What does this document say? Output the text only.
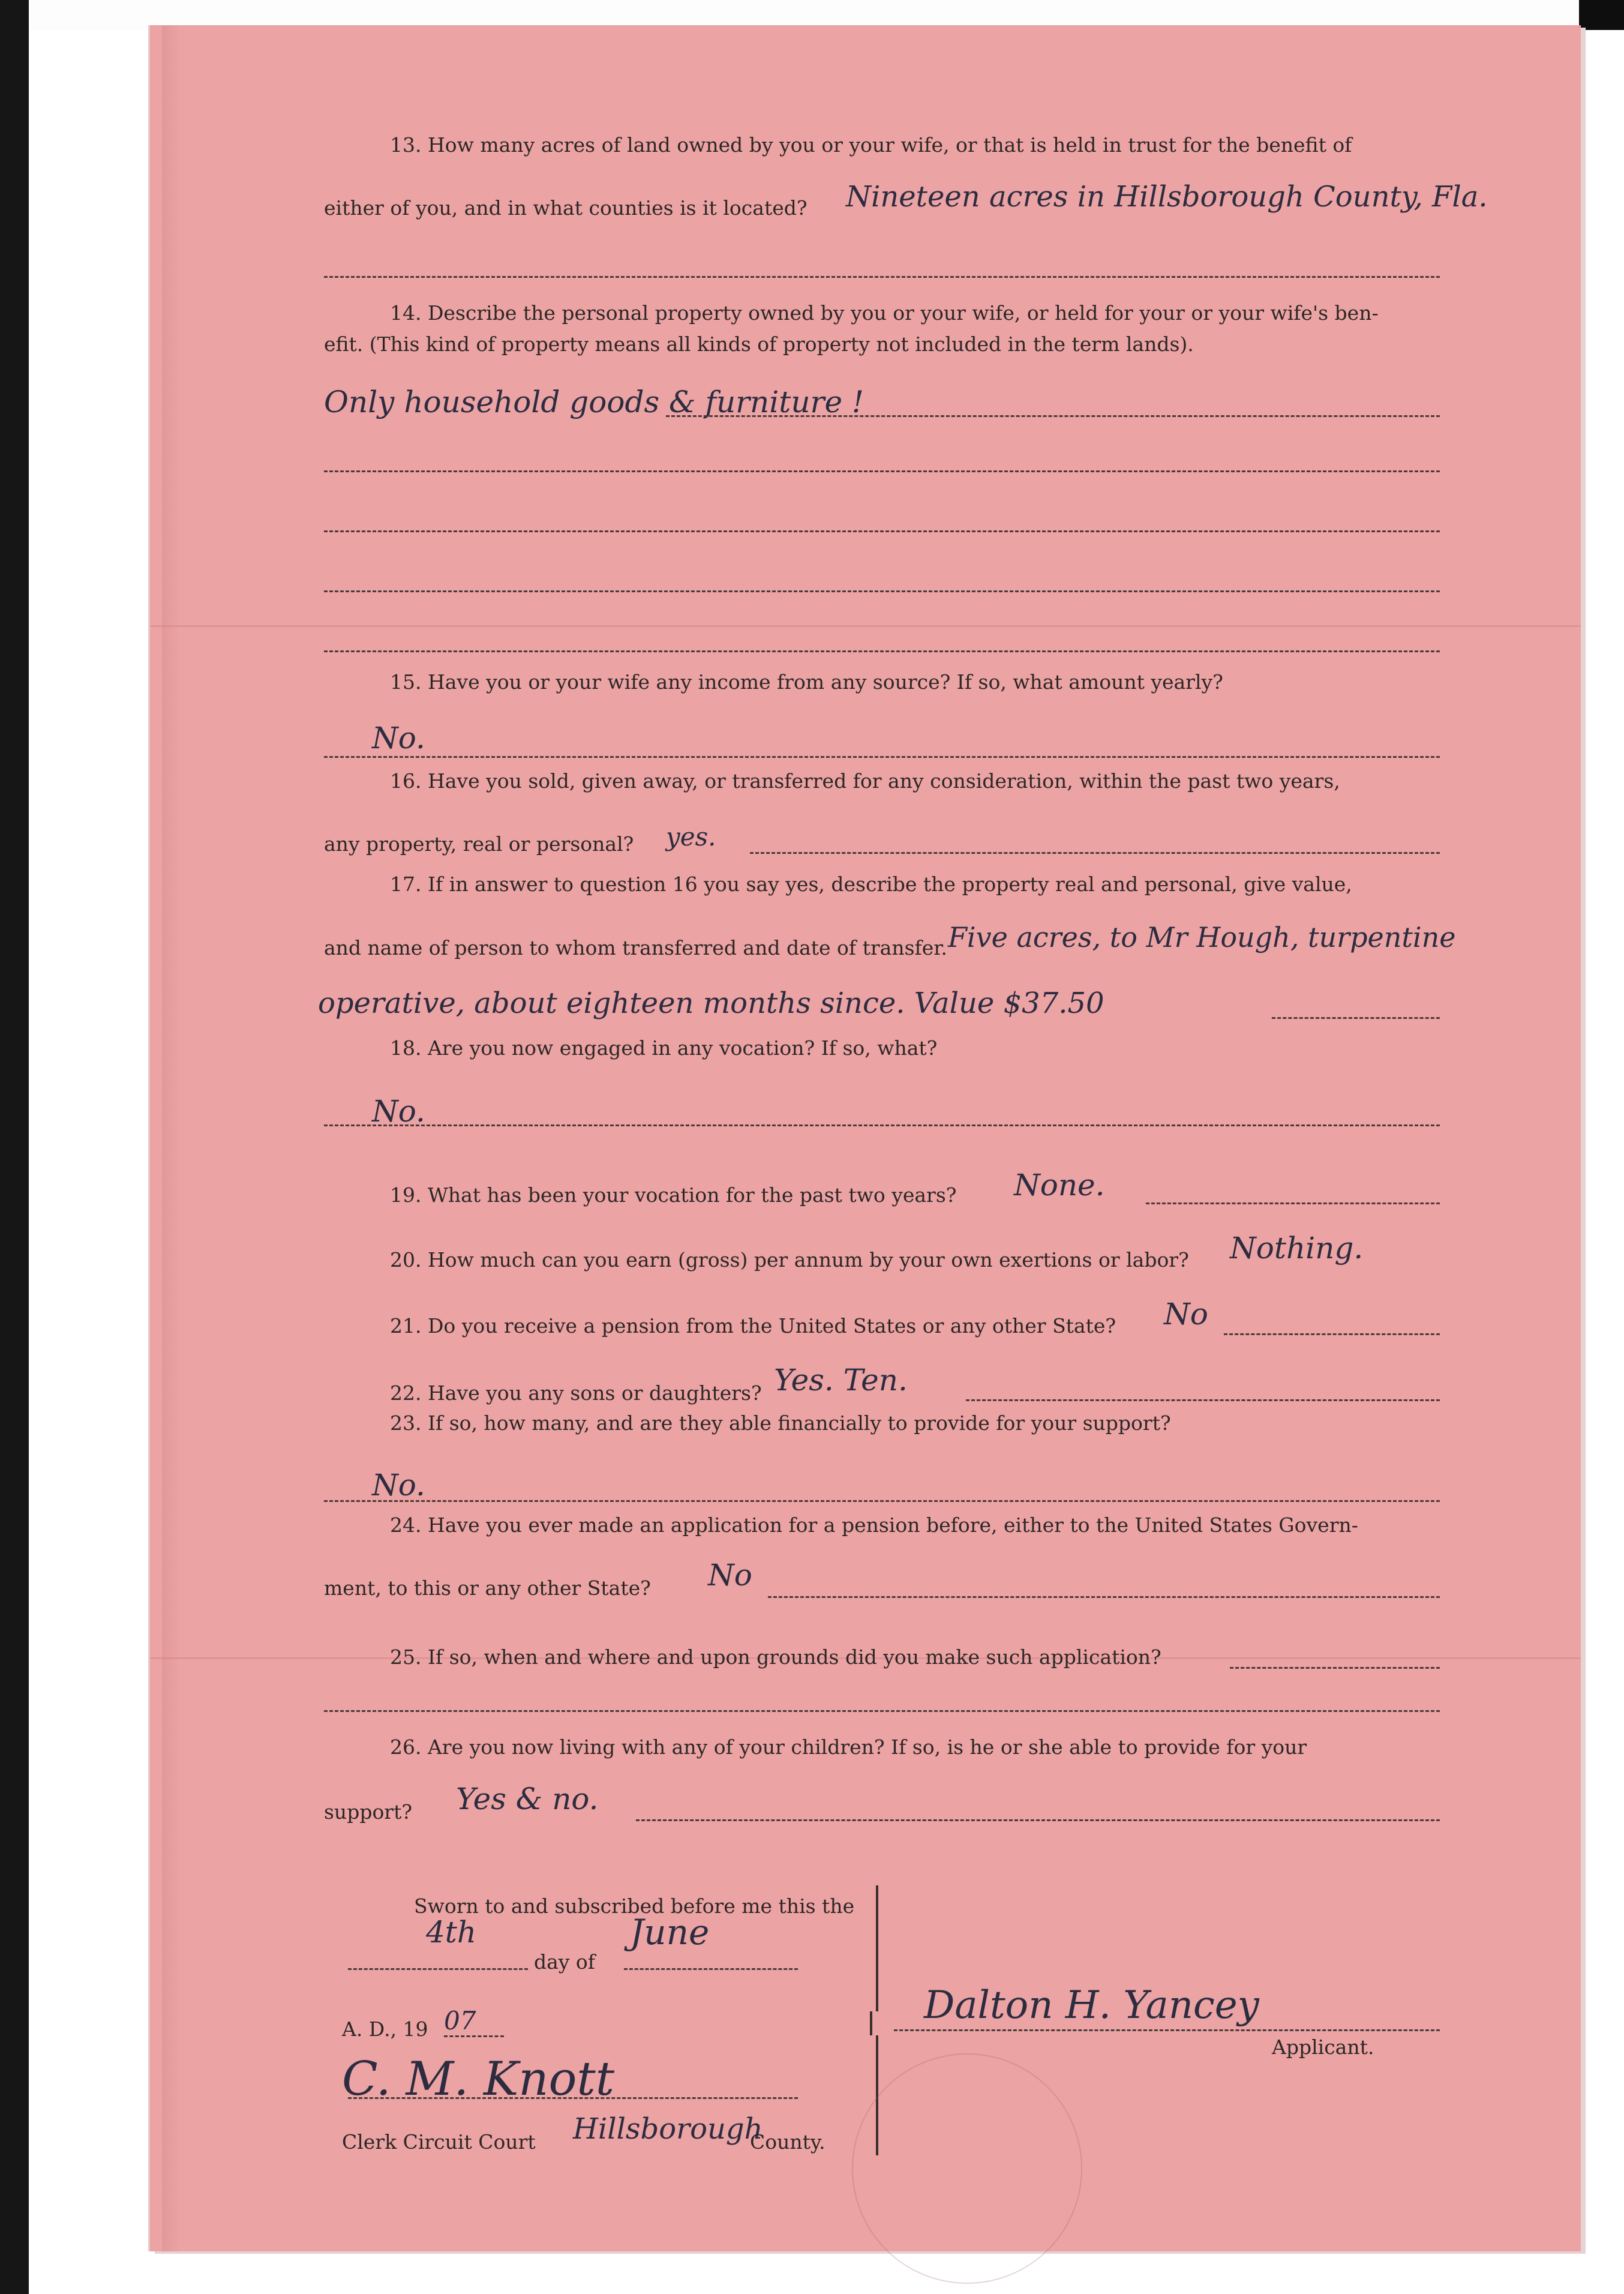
13. How many acres of land owned by you or your wife, or that is held in trust for the benefit of
either of you, and in what counties is it located? Nineteen acres in Hillsborough County, Fla.
14. Describe the personal property owned by you or your wife, or held for your or your wife's ben-
efit. (This kind of property means all kinds of property not included in the term lands).
Only household goods & furniture !
15. Have you or your wife any income from any source? If so, what amount yearly?
No.
16. Have you sold, given away, or transferred for any consideration, within the past two years,
any property, real or personal? yes.
17. If in answer to question 16 you say yes, describe the property real and personal, give value,
and name of person to whom transferred and date of transfer. Five acres, to Mr Hough, turpentine
operative, about eighteen months since. Value $37.50
18. Are you now engaged in any vocation? If so, what?
No.
19. What has been your vocation for the past two years? None.
20. How much can you earn (gross) per annum by your own exertions or labor? Nothing.
21. Do you receive a pension from the United States or any other State? No
22. Have you any sons or daughters? Yes. Ten.
23. If so, how many, and are they able financially to provide for your support?
No.
24. Have you ever made an application for a pension before, either to the United States Govern-
ment, to this or any other State? No
25. If so, when and where and upon grounds did you make such application?
26. Are you now living with any of your children? If so, is he or she able to provide for your
support? Yes & no.
Sworn to and subscribed before me this the
4th
day of
June
A. D., 19 07
C. M. Knott
Clerk Circuit Court Hillsborough
County.
Dalton H. Yancey
Applicant.
